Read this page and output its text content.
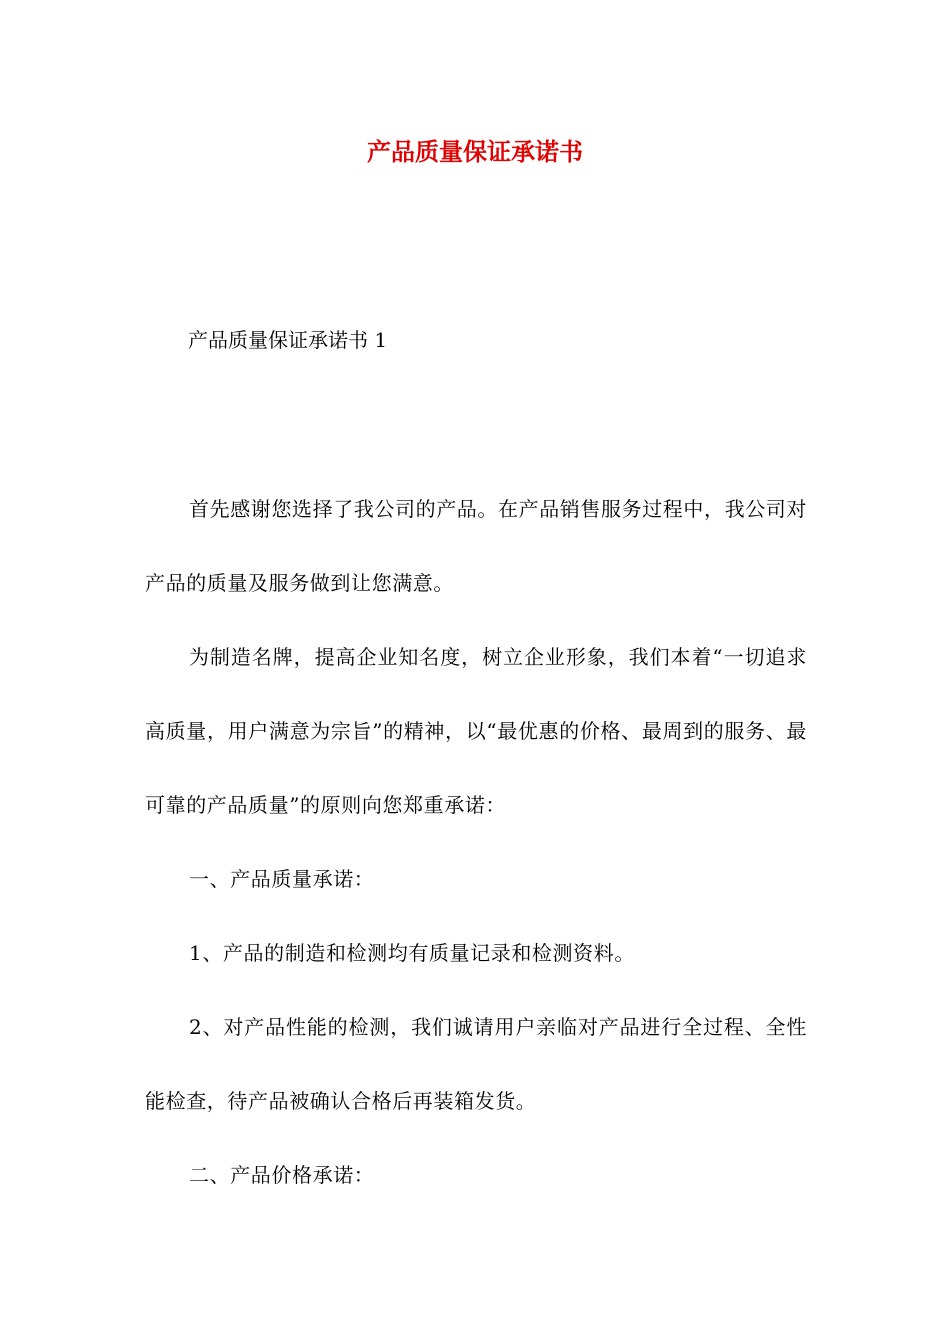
产品质量保证承诺书
产品质量保证承诺书 1

首先感谢您选择了我公司的产品。在产品销售服务过程中，我公司对产品的质量及服务做到让您满意。

为制造名牌，提高企业知名度，树立企业形象，我们本着“一切追求高质量，用户满意为宗旨”的精神，以“最优惠的价格、最周到的服务、最可靠的产品质量”的原则向您郑重承诺：

一、产品质量承诺：

1、产品的制造和检测均有质量记录和检测资料。

2、对产品性能的检测，我们诚请用户亲临对产品进行全过程、全性能检查，待产品被确认合格后再装箱发货。

二、产品价格承诺：
